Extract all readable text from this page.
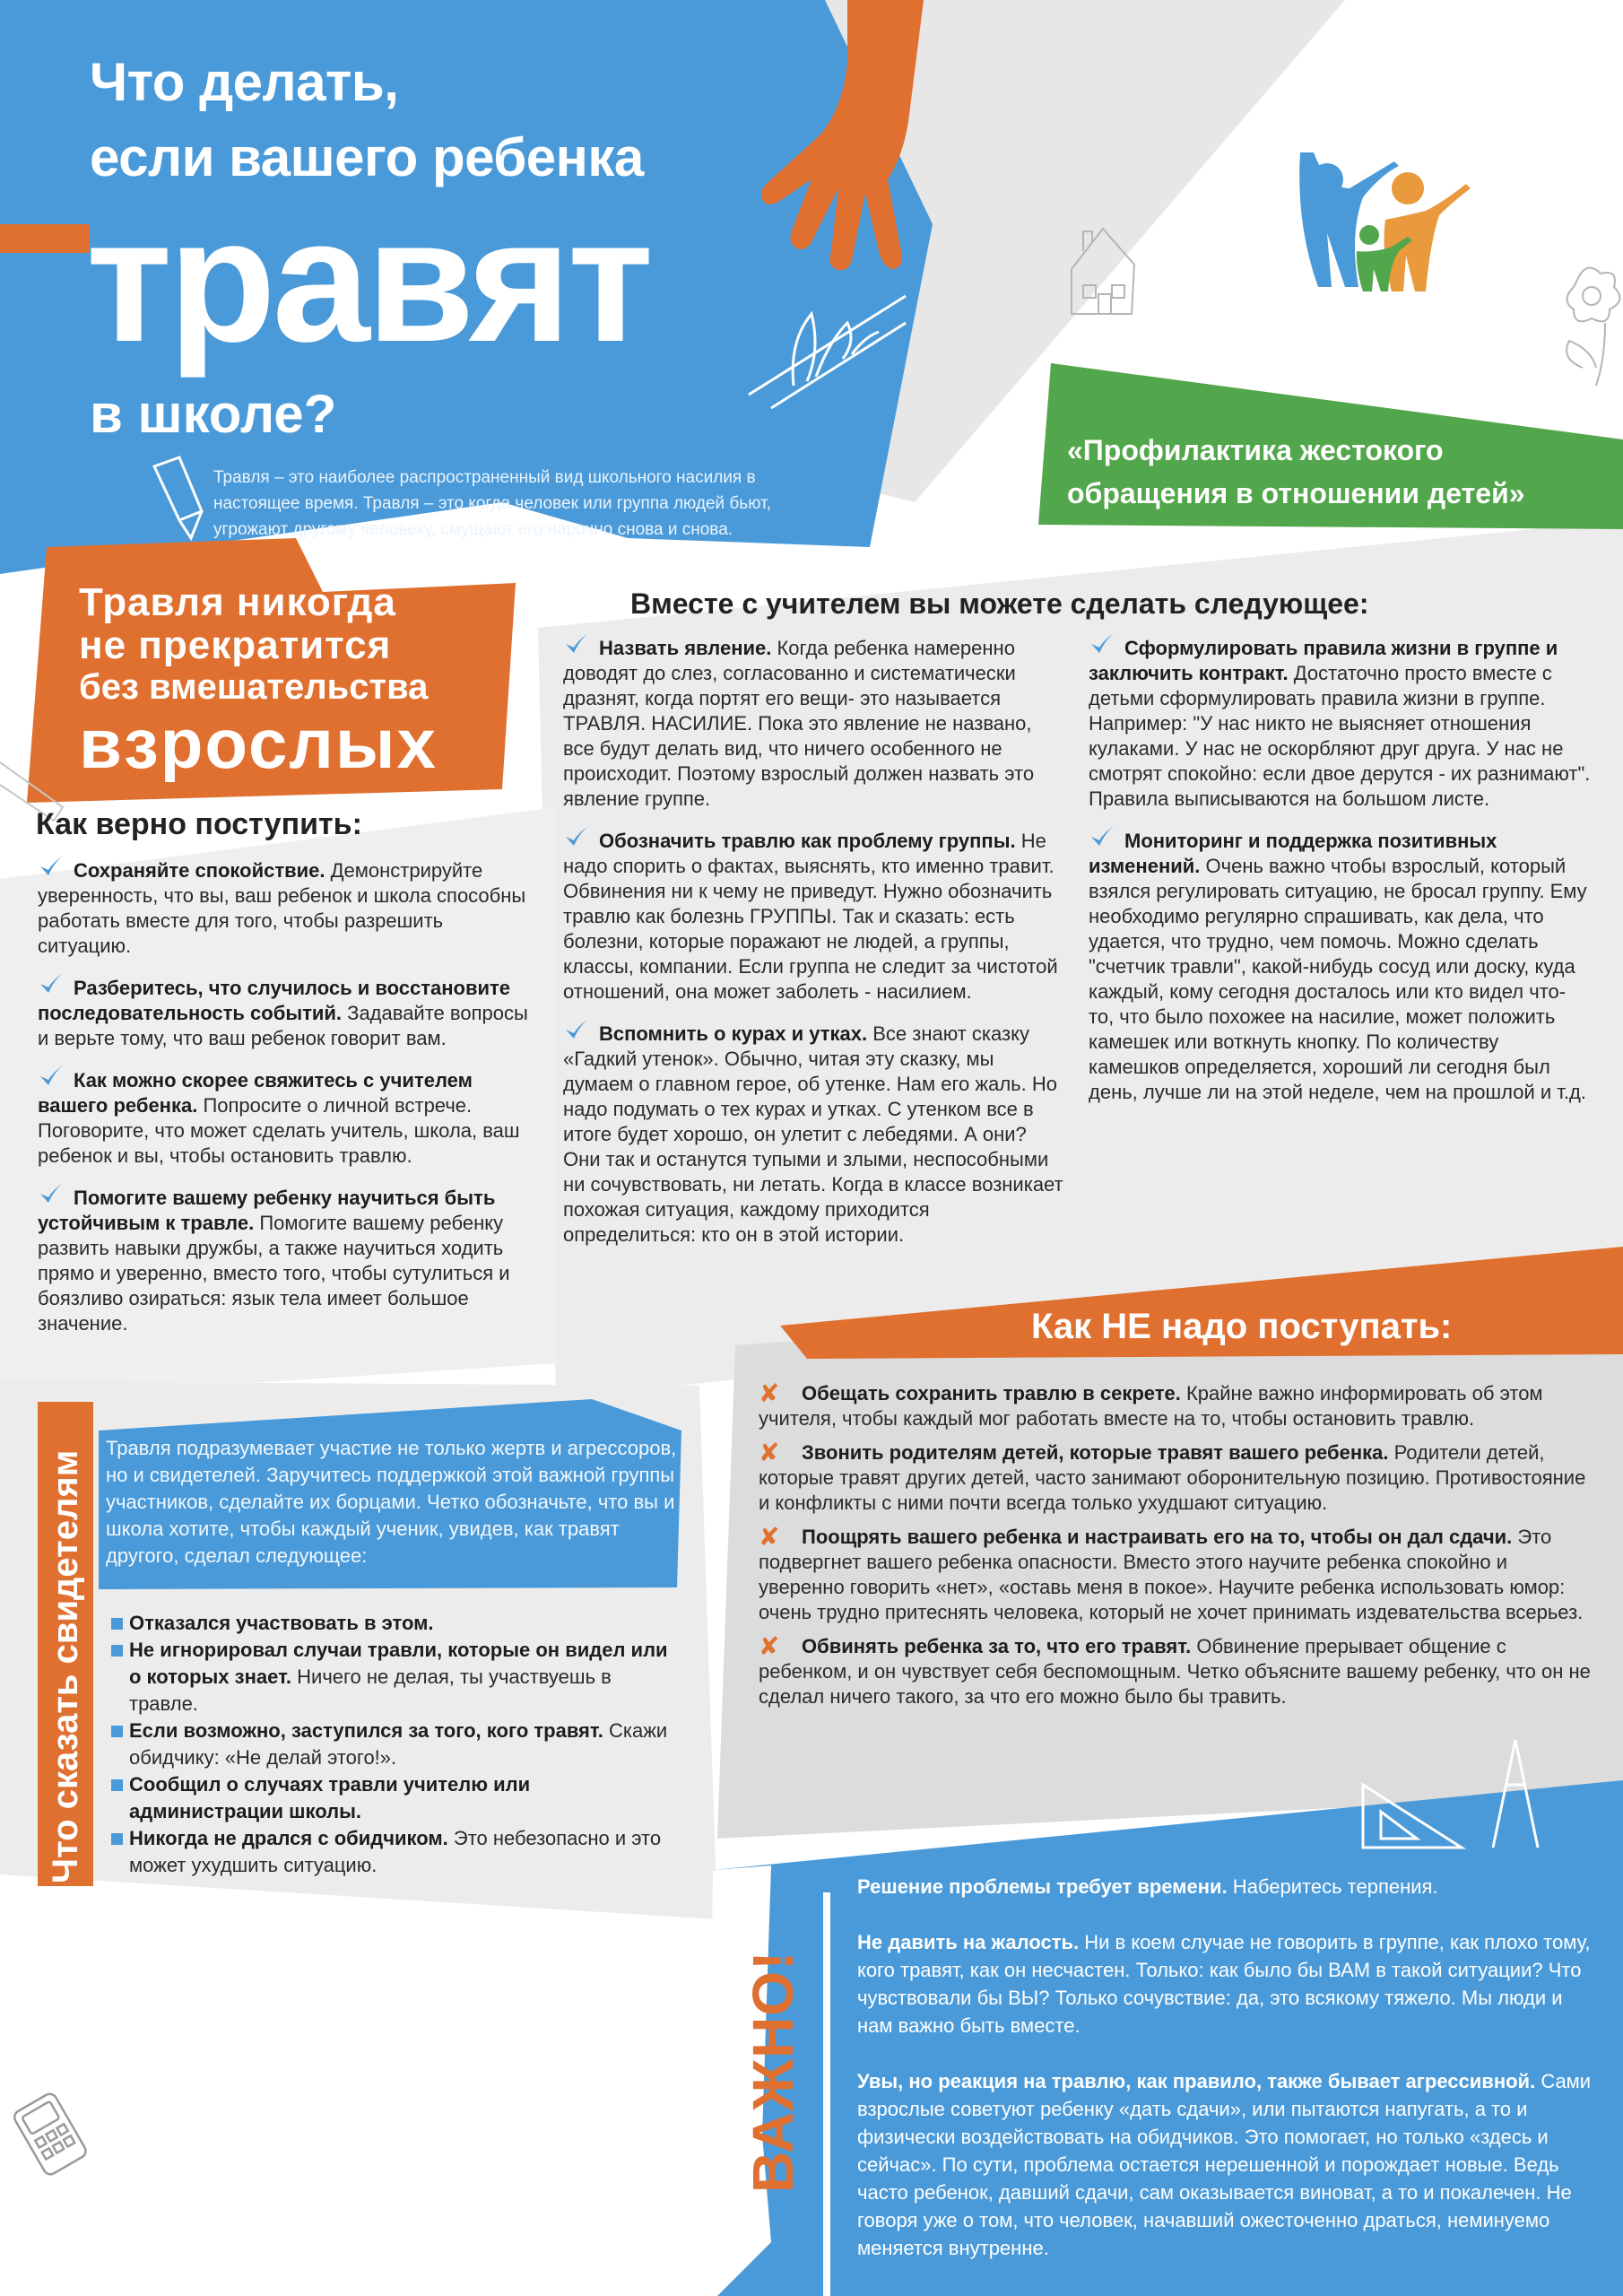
Что делать,
если вашего ребенка
травят
в школе?
Травля – это наиболее распространенный вид школьного насилия в настоящее время. Травля – это когда человек или группа людей бьют, угрожают другому человеку, смущают его нарочно снова и снова.
«Профилактика жестокого
обращения в отношении детей»
Травля никогда
не прекратится
без вмешательства
взрослых
Как верно поступить:
Сохраняйте спокойствие. Демонстрируйте уверенность, что вы, ваш ребенок и школа способны работать вместе для того, чтобы разрешить ситуацию.
Разберитесь, что случилось и восстановите последовательность событий. Задавайте вопросы и верьте тому, что ваш ребенок говорит вам.
Как можно скорее свяжитесь с учителем вашего ребенка. Попросите о личной встрече. Поговорите, что может сделать учитель, школа, ваш ребенок и вы, чтобы остановить травлю.
Помогите вашему ребенку научиться быть устойчивым к травле. Помогите вашему ребенку развить навыки дружбы, а также научиться ходить прямо и уверенно, вместо того, чтобы сутулиться и боязливо озираться: язык тела имеет большое значение.
Вместе с учителем вы можете сделать следующее:
Назвать явление. Когда ребенка намеренно доводят до слез, согласованно и систематически дразнят, когда портят его вещи- это называется ТРАВЛЯ. НАСИЛИЕ. Пока это явление не названо, все будут делать вид, что ничего особенного не происходит. Поэтому взрослый должен назвать это явление группе.
Обозначить травлю как проблему группы. Не надо спорить о фактах, выяснять, кто именно травит. Обвинения ни к чему не приведут. Нужно обозначить травлю как болезнь ГРУППЫ. Так и сказать: есть болезни, которые поражают не людей, а группы, классы, компании. Если группа не следит за чистотой отношений, она может заболеть - насилием.
Вспомнить о курах и утках. Все знают сказку «Гадкий утенок». Обычно, читая эту сказку, мы думаем о главном герое, об утенке. Нам его жаль. Но надо подумать о тех курах и утках. С утенком все в итоге будет хорошо, он улетит с лебедями. А они? Они так и останутся тупыми и злыми, неспособными ни сочувствовать, ни летать. Когда в классе возникает похожая ситуация, каждому приходится определиться: кто он в этой истории.
Сформулировать правила жизни в группе и заключить контракт. Достаточно просто вместе с детьми сформулировать правила жизни в группе. Например: "У нас никто не выясняет отношения кулаками. У нас не оскорбляют друг друга. У нас не смотрят спокойно: если двое дерутся - их разнимают". Правила выписываются на большом листе.
Мониторинг и поддержка позитивных изменений. Очень важно чтобы взрослый, который взялся регулировать ситуацию, не бросал группу. Ему необходимо регулярно спрашивать, как дела, что удается, что трудно, чем помочь. Можно сделать "счетчик травли", какой-нибудь сосуд или доску, куда каждый, кому сегодня досталось или кто видел что-то, что было похожее на насилие, может положить камешек или воткнуть кнопку. По количеству камешков определяется, хороший ли сегодня был день, лучше ли на этой неделе, чем на прошлой и т.д.
Как НЕ надо поступать:
✘ Обещать сохранить травлю в секрете. Крайне важно информировать об этом учителя, чтобы каждый мог работать вместе на то, чтобы остановить травлю.
✘ Звонить родителям детей, которые травят вашего ребенка. Родители детей, которые травят других детей, часто занимают оборонительную позицию. Противостояние и конфликты с ними почти всегда только ухудшают ситуацию.
✘ Поощрять вашего ребенка и настраивать его на то, чтобы он дал сдачи. Это подвергнет вашего ребенка опасности. Вместо этого научите ребенка спокойно и уверенно говорить «нет», «оставь меня в покое». Научите ребенка использовать юмор: очень трудно притеснять человека, который не хочет принимать издевательства всерьез.
✘ Обвинять ребенка за то, что его травят. Обвинение прерывает общение с ребенком, и он чувствует себя беспомощным. Четко объясните вашему ребенку, что он не сделал ничего такого, за что его можно было бы травить.
Что сказать свидетелям
Травля подразумевает участие не только жертв и агрессоров, но и свидетелей. Заручитесь поддержкой этой важной группы участников, сделайте их борцами. Четко обозначьте, что вы и школа хотите, чтобы каждый ученик, увидев, как травят другого, сделал следующее:
Отказался участвовать в этом.
Не игнорировал случаи травли, которые он видел или о которых знает. Ничего не делая, ты участвуешь в травле.
Если возможно, заступился за того, кого травят. Скажи обидчику: «Не делай этого!».
Сообщил о случаях травли учителю или администрации школы.
Никогда не дрался с обидчиком. Это небезопасно и это может ухудшить ситуацию.
ВАЖНО!

Решение проблемы требует времени. Наберитесь терпения.

Не давить на жалость. Ни в коем случае не говорить в группе, как плохо тому, кого травят, как он несчастен. Только: как было бы ВАМ в такой ситуации? Что чувствовали бы ВЫ? Только сочувствие: да, это всякому тяжело. Мы люди и нам важно быть вместе.

Увы, но реакция на травлю, как правило, также бывает агрессивной. Сами взрослые советуют ребенку «дать сдачи», или пытаются напугать, а то и физически воздействовать на обидчиков. Это помогает, но только «здесь и сейчас». По сути, проблема остается нерешенной и порождает новые. Ведь часто ребенок, давший сдачи, сам оказывается виноват, а то и покалечен. Не говоря уже о том, что человек, начавший ожесточенно драться, неминуемо меняется внутренне.
